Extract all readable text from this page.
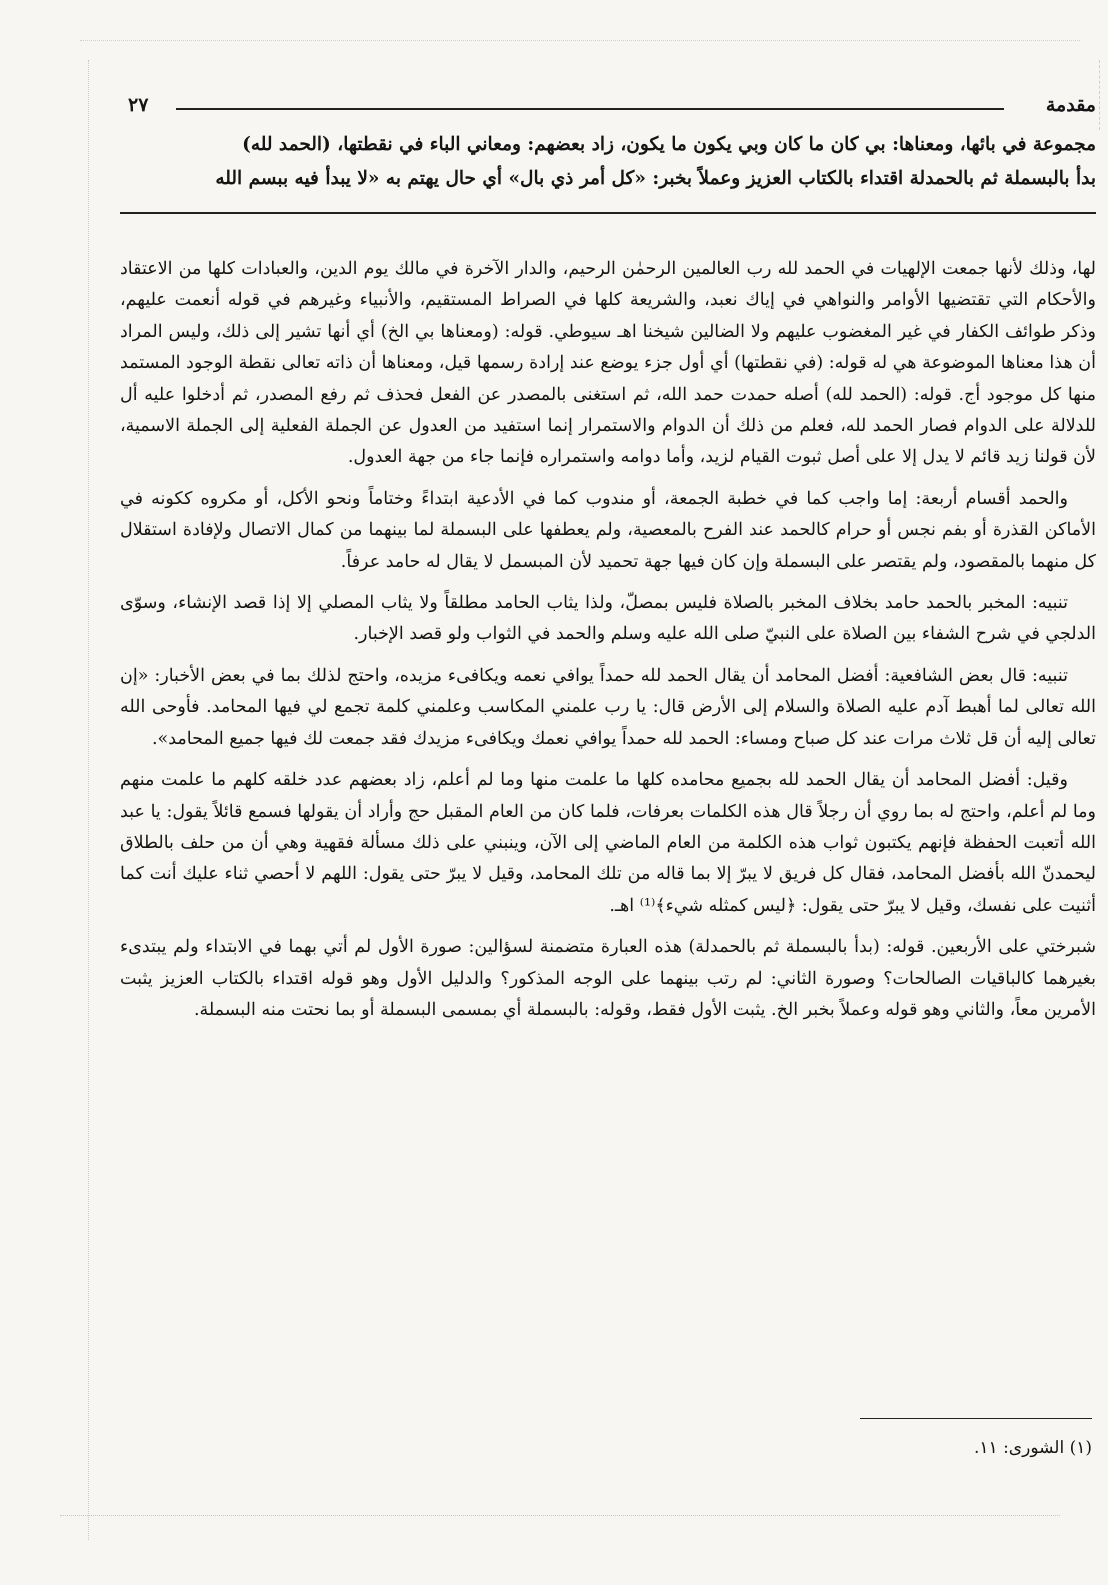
مقدمة
٢٧

مجموعة في بائها، ومعناها: بي كان ما كان وبي يكون ما يكون، زاد بعضهم: ومعاني الباء في نقطتها، (الحمد لله)

بدأ بالبسملة ثم بالحمدلة اقتداء بالكتاب العزيز وعملاً بخبر: «كل أمر ذي بال» أي حال يهتم به «لا يبدأ فيه ببسم الله

لها، وذلك لأنها جمعت الإلهيات في الحمد لله رب العالمين الرحمٰن الرحيم، والدار الآخرة في مالك يوم الدين، والعبادات كلها من الاعتقاد والأحكام التي تقتضيها الأوامر والنواهي في إياك نعبد، والشريعة كلها في الصراط المستقيم، والأنبياء وغيرهم في قوله أنعمت عليهم، وذكر طوائف الكفار في غير المغضوب عليهم ولا الضالين شيخنا اهـ سيوطي. قوله: (ومعناها بي الخ) أي أنها تشير إلى ذلك، وليس المراد أن هذا معناها الموضوعة هي له قوله: (في نقطتها) أي أول جزء يوضع عند إرادة رسمها قيل، ومعناها أن ذاته تعالى نقطة الوجود المستمد منها كل موجود أج. قوله: (الحمد لله) أصله حمدت حمد الله، ثم استغنى بالمصدر عن الفعل فحذف ثم رفع المصدر، ثم أدخلوا عليه أل للدلالة على الدوام فصار الحمد لله، فعلم من ذلك أن الدوام والاستمرار إنما استفيد من العدول عن الجملة الفعلية إلى الجملة الاسمية، لأن قولنا زيد قائم لا يدل إلا على أصل ثبوت القيام لزيد، وأما دوامه واستمراره فإنما جاء من جهة العدول.

والحمد أقسام أربعة: إما واجب كما في خطبة الجمعة، أو مندوب كما في الأدعية ابتداءً وختاماً ونحو الأكل، أو مكروه ككونه في الأماكن القذرة أو بفم نجس أو حرام كالحمد عند الفرح بالمعصية، ولم يعطفها على البسملة لما بينهما من كمال الاتصال ولإفادة استقلال كل منهما بالمقصود، ولم يقتصر على البسملة وإن كان فيها جهة تحميد لأن المبسمل لا يقال له حامد عرفاً.

تنبيه: المخبر بالحمد حامد بخلاف المخبر بالصلاة فليس بمصلّ، ولذا يثاب الحامد مطلقاً ولا يثاب المصلي إلا إذا قصد الإنشاء، وسوّى الدلجي في شرح الشفاء بين الصلاة على النبيّ صلى الله عليه وسلم والحمد في الثواب ولو قصد الإخبار.

تنبيه: قال بعض الشافعية: أفضل المحامد أن يقال الحمد لله حمداً يوافي نعمه ويكافىء مزيده، واحتج لذلك بما في بعض الأخبار: «إن الله تعالى لما أهبط آدم عليه الصلاة والسلام إلى الأرض قال: يا رب علمني المكاسب وعلمني كلمة تجمع لي فيها المحامد. فأوحى الله تعالى إليه أن قل ثلاث مرات عند كل صباح ومساء: الحمد لله حمداً يوافي نعمك ويكافىء مزيدك فقد جمعت لك فيها جميع المحامد».

وقيل: أفضل المحامد أن يقال الحمد لله بجميع محامده كلها ما علمت منها وما لم أعلم، زاد بعضهم عدد خلقه كلهم ما علمت منهم وما لم أعلم، واحتج له بما روي أن رجلاً قال هذه الكلمات بعرفات، فلما كان من العام المقبل حج وأراد أن يقولها فسمع قائلاً يقول: يا عبد الله أتعبت الحفظة فإنهم يكتبون ثواب هذه الكلمة من العام الماضي إلى الآن، وينبني على ذلك مسألة فقهية وهي أن من حلف بالطلاق ليحمدنّ الله بأفضل المحامد، فقال كل فريق لا يبرّ إلا بما قاله من تلك المحامد، وقيل لا يبرّ حتى يقول: اللهم لا أحصي ثناء عليك أنت كما أثنيت على نفسك، وقيل لا يبرّ حتى يقول: ﴿ليس كمثله شيء﴾⁽¹⁾ اهـ.

شبرختي على الأربعين. قوله: (بدأ بالبسملة ثم بالحمدلة) هذه العبارة متضمنة لسؤالين: صورة الأول لم أتي بهما في الابتداء ولم يبتدىء بغيرهما كالباقيات الصالحات؟ وصورة الثاني: لم رتب بينهما على الوجه المذكور؟ والدليل الأول وهو قوله اقتداء بالكتاب العزيز يثبت الأمرين معاً، والثاني وهو قوله وعملاً بخبر الخ. يثبت الأول فقط، وقوله: بالبسملة أي بمسمى البسملة أو بما نحتت منه البسملة.

(١) الشورى: ١١.
